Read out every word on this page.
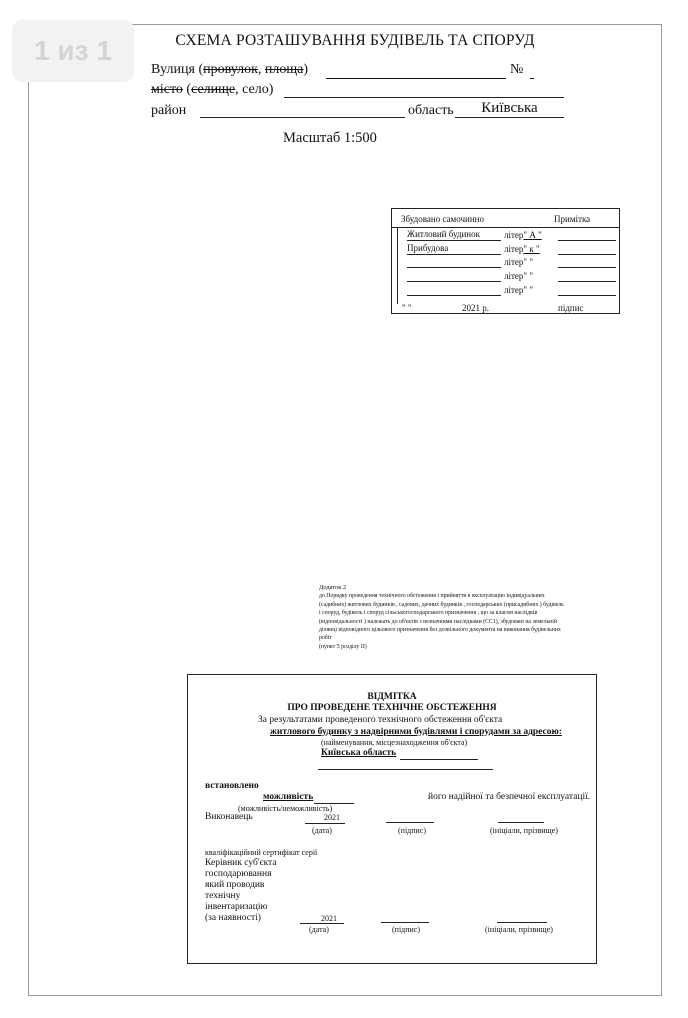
1 из 1	СХЕМА РОЗТАШУВАННЯ БУДІВЕЛЬ ТА СПОРУД
Вулиця (провулок, площа)	№
місто (селище, село)
район	область	Київська
Масштаб 1:500
Збудовано самочинно	Примітка
Житловий будинок	літер" А "
Прибудова	літер" к "
літер" "
літер" "
літер" "
" "	2021 р.	підпис
Додаток 2
до Порядку проведення технічного обстеження і прийняття в експлуатацію індивідуальних
(садибних) житлових будинків , садових, дачних будинків , господарських (присадибних ) будівель
і споруд, будівель і споруд сільськогосподарського призначення , що за класом наслідків
(відповідальності ) належать до об'єктів з незначними наслідками (СС1), збудовані на земельній
ділянці відповідного цільового призначення без дозвільного документа на виконання будівельних
робіт
(пункт 5 розділу ІІ)
ВІДМІТКА
ПРО ПРОВЕДЕНЕ ТЕХНІЧНЕ ОБСТЕЖЕННЯ
За результатами проведеного технічного обстеження об'єкта
житлового будинку з надвірними будівлями і спорудами за адресою:
(найменування, місцезнаходження об'єкта)
Київська область
встановлено
можливість	його надійної та безпечної експлуатації.
(можливість/неможливість)
Виконавець	2021
(дата)	(підпис)	(ініціали, прізвище)
кваліфікаційний сертифікат серії
Керівник суб'єкта
господарювання
який проводив
технічну
інвентаризацію
(за наявності)	2021
(дата)	(підпис)	(ініціали, прізвище)
